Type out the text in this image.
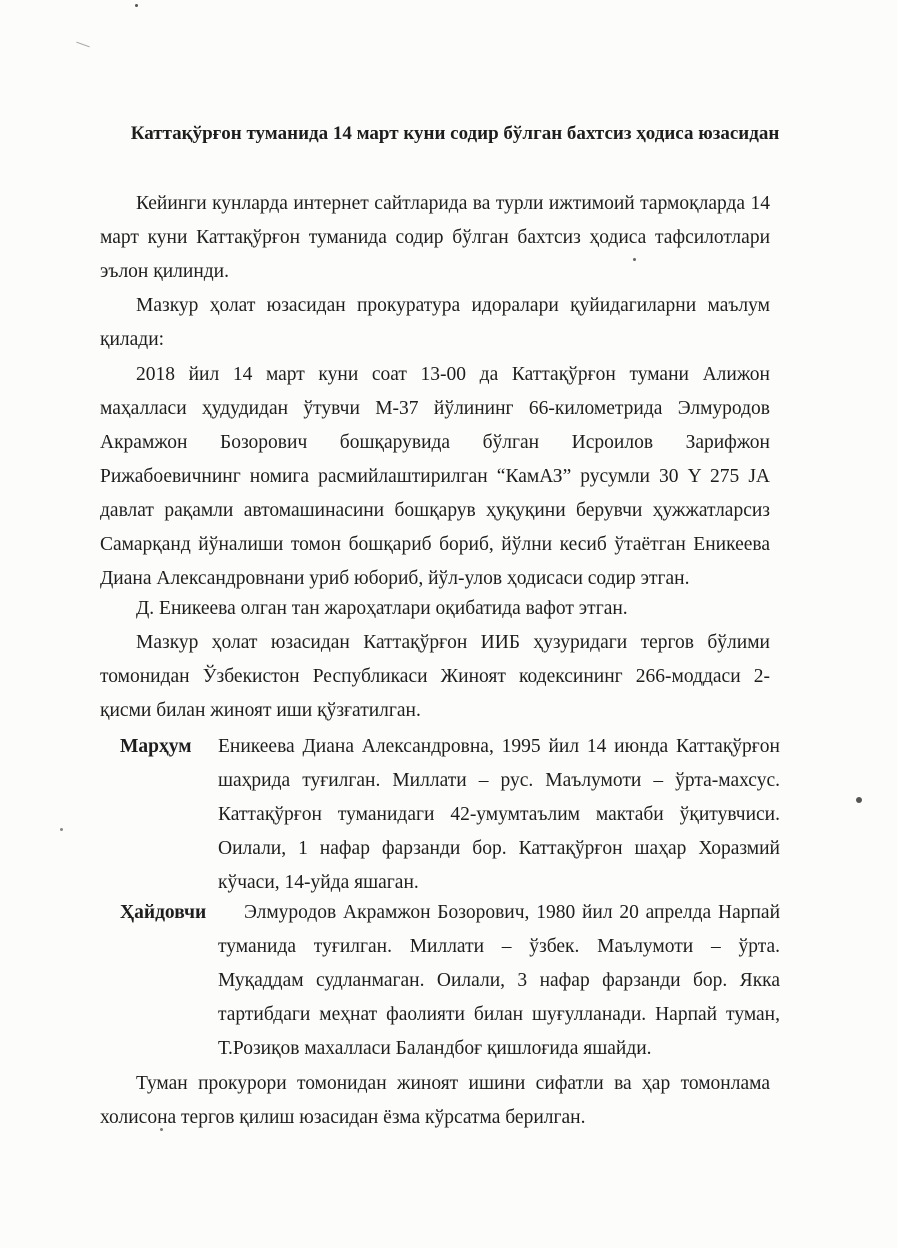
Каттақўрғон туманида 14 март куни содир бўлган бахтсиз ҳодиса юзасидан

Кейинги кунларда интернет сайтларида ва турли ижтимоий тармоқларда 14 март куни Каттақўрғон туманида содир бўлган бахтсиз ҳодиса тафсилотлари эълон қилинди.

Мазкур ҳолат юзасидан прокуратура идоралари қуйидагиларни маълум қилади:

2018 йил 14 март куни соат 13-00 да Каттақўрғон тумани Алижон маҳалласи ҳудудидан ўтувчи М-37 йўлининг 66-километрида Элмуродов Акрамжон Бозорович бошқарувида бўлган Исроилов Зарифжон Рижабоевичнинг номига расмийлаштирилган “КамАЗ” русумли 30 Y 275 JA давлат рақамли автомашинасини бошқарув ҳуқуқини берувчи ҳужжатларсиз Самарқанд йўналиши томон бошқариб бориб, йўлни кесиб ўтаётган Еникеева Диана Александровнани уриб юбориб, йўл-улов ҳодисаси содир этган.

Д. Еникеева олган тан жароҳатлари оқибатида вафот этган.

Мазкур ҳолат юзасидан Каттақўрғон ИИБ ҳузуридаги тергов бўлими томонидан Ўзбекистон Республикаси Жиноят кодексининг 266-моддаси 2-қисми билан жиноят иши қўзғатилган.

Марҳум Еникеева Диана Александровна, 1995 йил 14 июнда Каттақўрғон шаҳрида туғилган. Миллати – рус. Маълумоти – ўрта-махсус. Каттақўрғон туманидаги 42-умумтаълим мактаби ўқитувчиси. Оилали, 1 нафар фарзанди бор. Каттақўрғон шаҳар Хоразмий кўчаси, 14-уйда яшаган.
Ҳайдовчи	Элмуродов Акрамжон Бозорович, 1980 йил 20 апрелда Нарпай туманида туғилган. Миллати – ўзбек. Маълумоти – ўрта. Муқаддам судланмаган. Оилали, 3 нафар фарзанди бор. Якка тартибдаги меҳнат фаолияти билан шуғулланади. Нарпай туман, Т.Розиқов махалласи Баландбоғ қишлоғида яшайди.

Туман прокурори томонидан жиноят ишини сифатли ва ҳар томонлама холисона тергов қилиш юзасидан ёзма кўрсатма берилган.
